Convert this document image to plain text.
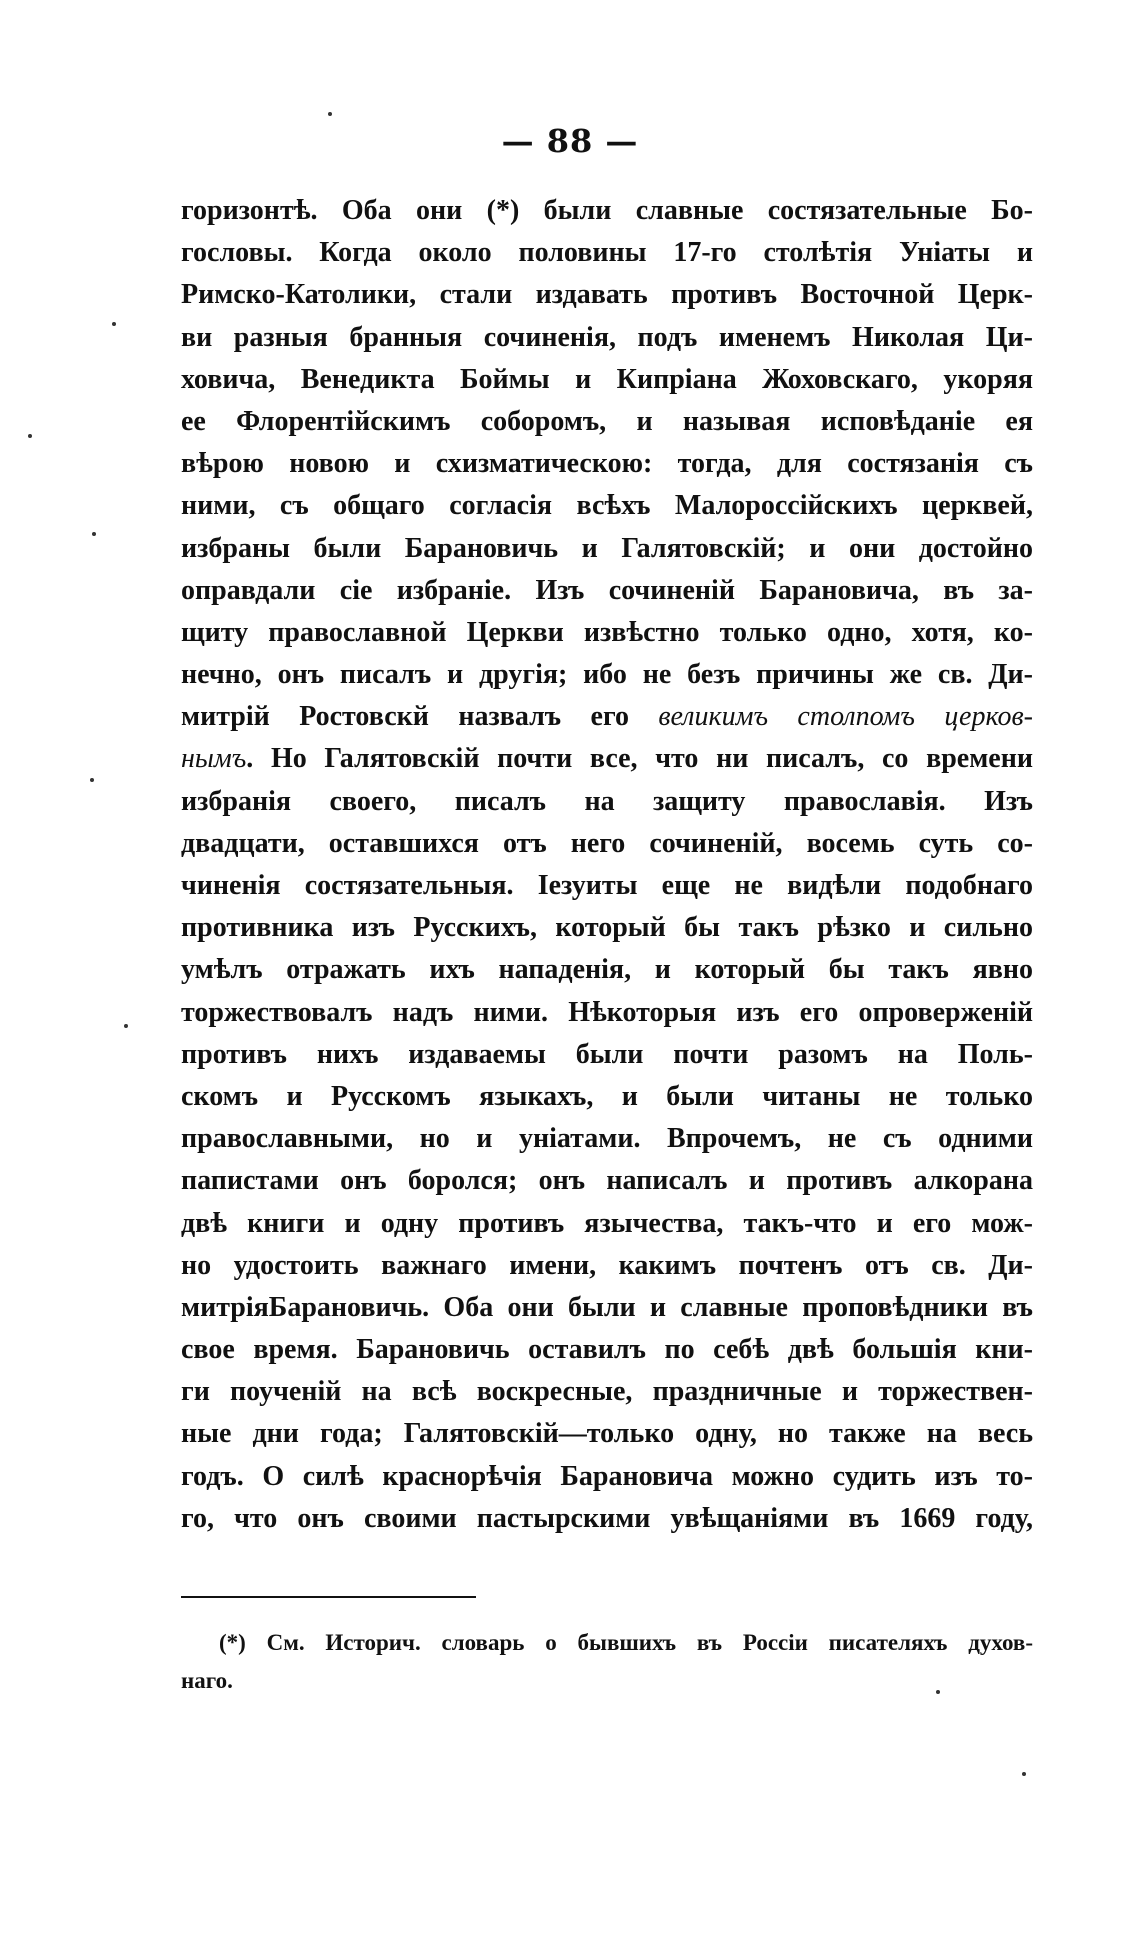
— 88 —
горизонтѣ. Оба они (*) были славные состязательные Бо-
гословы. Когда около половины 17-го столѣтія Уніаты и
Римско-Католики, стали издавать противъ Восточной Церк-
ви разныя бранныя сочиненія, подъ именемъ Николая Ци-
ховича, Венедикта Боймы и Кипріана Жоховскаго, укоряя
ее Флорентійскимъ соборомъ, и называя исповѣданіе ея
вѣрою новою и схизматическою: тогда, для состязанія съ
ними, съ общаго согласія всѣхъ Малороссійскихъ церквей,
избраны были Барановичь и Галятовскій; и они достойно
оправдали сіе избраніе. Изъ сочиненій Барановича, въ за-
щиту православной Церкви извѣстно только одно, хотя, ко-
нечно, онъ писалъ и другія; ибо не безъ причины же св. Ди-
митрій Ростовскй назвалъ его великимъ столпомъ церков-
нымъ. Но Галятовскій почти все, что ни писалъ, со времени
избранія своего, писалъ на защиту православія. Изъ
двадцати, оставшихся отъ него сочиненій, восемь суть со-
чиненія состязательныя. Іезуиты еще не видѣли подобнаго
противника изъ Русскихъ, который бы такъ рѣзко и сильно
умѣлъ отражать ихъ нападенія, и который бы такъ явно
торжествовалъ надъ ними. Нѣкоторыя изъ его опроверженій
противъ нихъ издаваемы были почти разомъ на Поль-
скомъ и Русскомъ языкахъ, и были читаны не только
православными, но и уніатами. Впрочемъ, не съ одними
папистами онъ боролся; онъ написалъ и противъ алкорана
двѣ книги и одну противъ язычества, такъ-что и его мож-
но удостоить важнаго имени, какимъ почтенъ отъ св. Ди-
митріяБарановичь. Оба они были и славные проповѣдники въ
свое время. Барановичь оставилъ по себѣ двѣ большія кни-
ги поученій на всѣ воскресные, праздничные и торжествен-
ные дни года; Галятовскій—только одну, но также на весь
годъ. О силѣ краснорѣчія Барановича можно судить изъ то-
го, что онъ своими пастырскими увѣщаніями въ 1669 году,
(*) См. Историч. словарь о бывшихъ въ Россіи писателяхъ духов-
наго.
